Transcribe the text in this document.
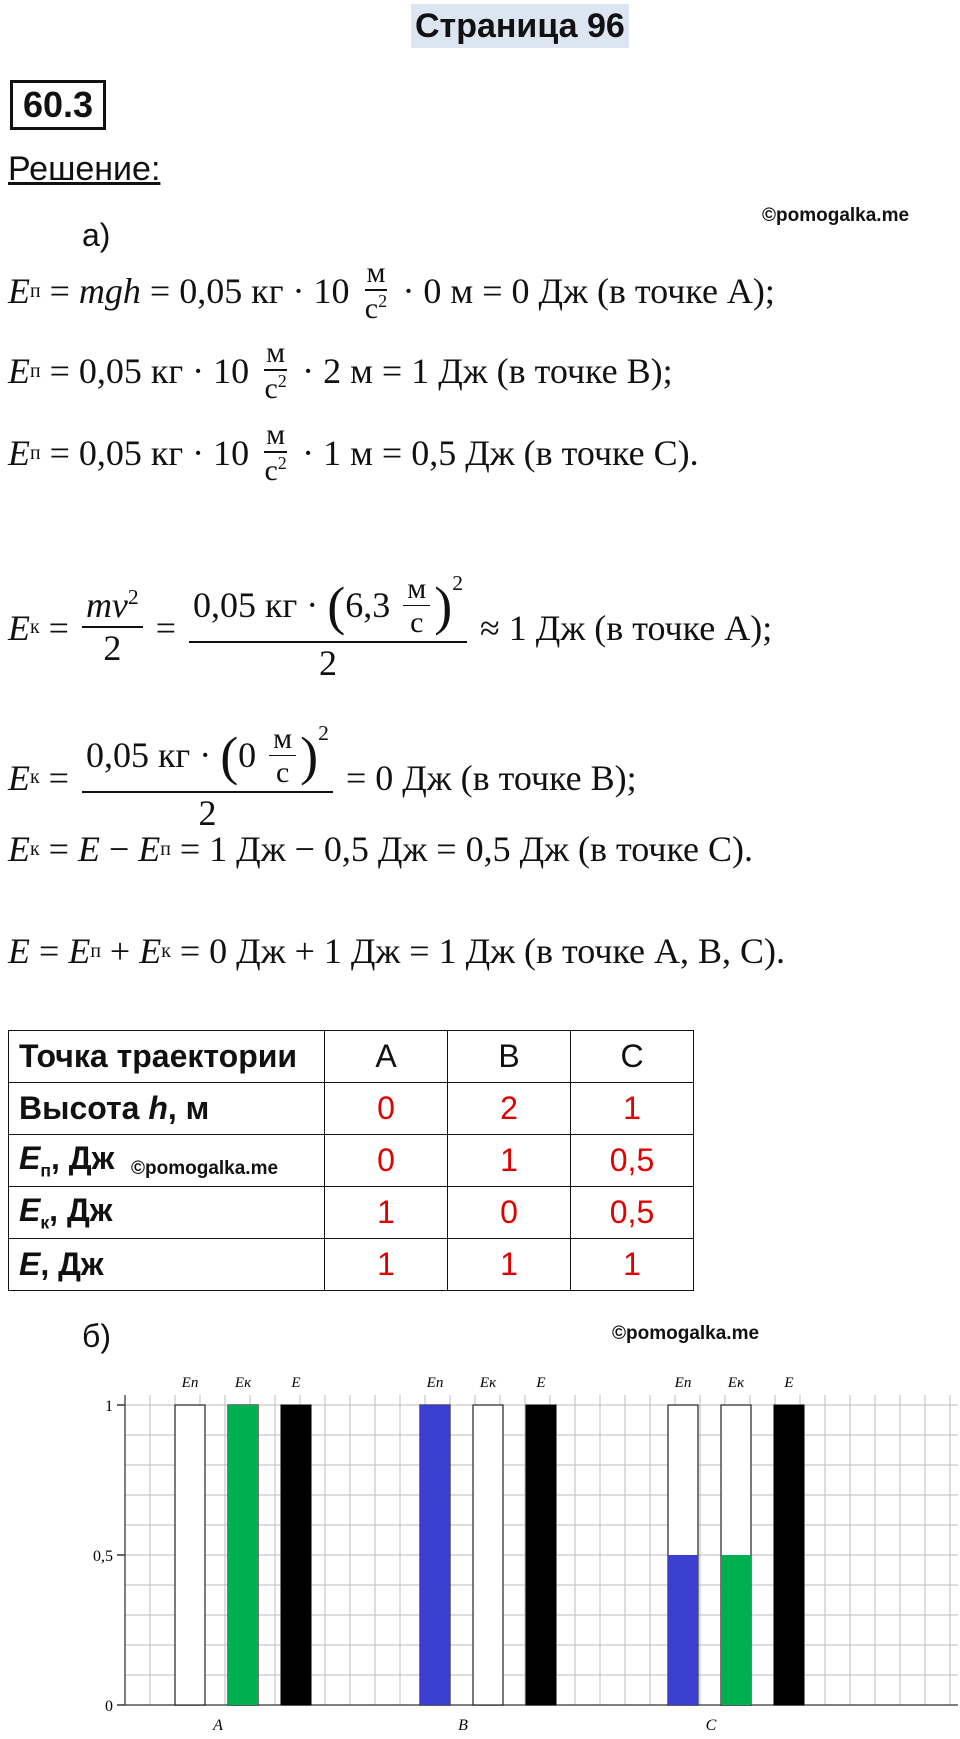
Страница 96
60.3
Решение:
©pomogalka.me
а)
E п = mgh = 0,05 кг · $10 \frac{м}{с^2} \cdot 0$ м = 0 Дж (в точке А);
E п = 0,05 кг · $10 \frac{м}{с^2} \cdot 2$ м = 1 Дж (в точке В);
E п = 0,05 кг · $10 \frac{м}{с^2} \cdot 1$ м = 0,5 Дж (в точке С).
E $к = \frac{mv^2}{2} = \frac{0,05 кг \cdot ( 6,3 \frac{м}{с} )^2}{2} \approx 1$ Дж (в точке А);
E $к = \frac{0,05 кг \cdot ( 0 \frac{м}{с} )^2}{2} = 0$ Дж (в точке В);
E к = E − E п = 1 Дж − 0,5 Дж = 0,5 Дж (в точке С).
E = E п + E к = 0 Дж + 1 Дж = 1 Дж (в точке А, В, С).
Точка траектории	А	В	С
Высота h, м	0	2	1
$E_п$, Дж ©pomogalka.me	0	1	0,5
$E_к$, Дж	1	0	0,5
E, Дж	1	1	1
б)	©pomogalka.me
0
0,5
1
Eп Eк	E
A
Eп Eк	E
B
Eп Eк	E
C
